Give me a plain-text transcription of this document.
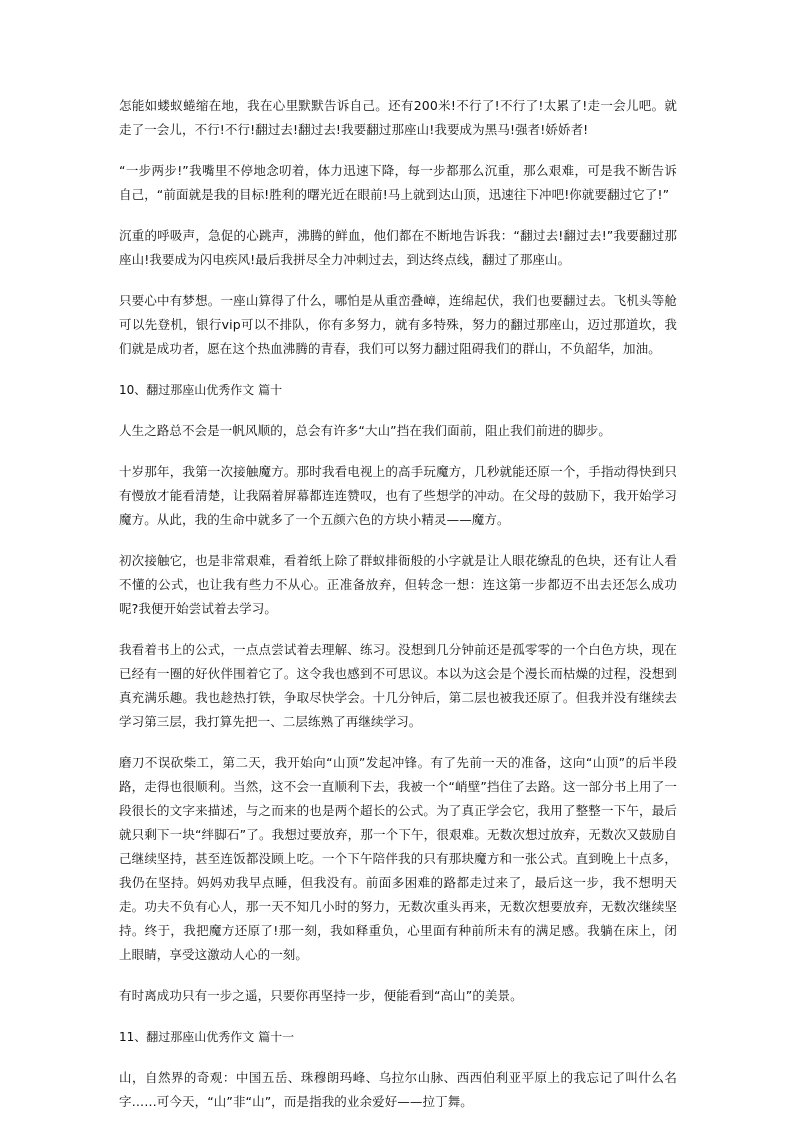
怎能如蝼蚁蜷缩在地，我在心里默默告诉自己。还有200米!不行了!不行了!太累了!走一会儿吧。就走了一会儿，不行!不行!翻过去!翻过去!我要翻过那座山!我要成为黑马!强者!娇娇者!

“一步两步!”我嘴里不停地念叨着，体力迅速下降，每一步都那么沉重，那么艰难，可是我不断告诉自己，“前面就是我的目标!胜利的曙光近在眼前!马上就到达山顶，迅速往下冲吧!你就要翻过它了!”

沉重的呼吸声，急促的心跳声，沸腾的鲜血，他们都在不断地告诉我：“翻过去!翻过去!”我要翻过那座山!我要成为闪电疾风!最后我拼尽全力冲刺过去，到达终点线，翻过了那座山。

只要心中有梦想。一座山算得了什么，哪怕是从重峦叠嶂，连绵起伏，我们也要翻过去。飞机头等舱可以先登机，银行vip可以不排队，你有多努力，就有多特殊，努力的翻过那座山，迈过那道坎，我们就是成功者，愿在这个热血沸腾的青春，我们可以努力翻过阻碍我们的群山，不负韶华，加油。

10、翻过那座山优秀作文 篇十

人生之路总不会是一帆风顺的，总会有许多“大山”挡在我们面前，阻止我们前进的脚步。

十岁那年，我第一次接触魔方。那时我看电视上的高手玩魔方，几秒就能还原一个，手指动得快到只有慢放才能看清楚，让我隔着屏幕都连连赞叹，也有了些想学的冲动。在父母的鼓励下，我开始学习魔方。从此，我的生命中就多了一个五颜六色的方块小精灵——魔方。

初次接触它，也是非常艰难，看着纸上除了群蚁排衙般的小字就是让人眼花缭乱的色块，还有让人看不懂的公式，也让我有些力不从心。正准备放弃，但转念一想：连这第一步都迈不出去还怎么成功呢?我便开始尝试着去学习。

我看着书上的公式，一点点尝试着去理解、练习。没想到几分钟前还是孤零零的一个白色方块，现在已经有一圈的好伙伴围着它了。这令我也感到不可思议。本以为这会是个漫长而枯燥的过程，没想到真充满乐趣。我也趁热打铁，争取尽快学会。十几分钟后，第二层也被我还原了。但我并没有继续去学习第三层，我打算先把一、二层练熟了再继续学习。

磨刀不误砍柴工，第二天，我开始向“山顶”发起冲锋。有了先前一天的准备，这向“山顶”的后半段路，走得也很顺利。当然，这不会一直顺利下去，我被一个“峭壁”挡住了去路。这一部分书上用了一段很长的文字来描述，与之而来的也是两个超长的公式。为了真正学会它，我用了整整一下午，最后就只剩下一块“绊脚石”了。我想过要放弃，那一个下午，很艰难。无数次想过放弃，无数次又鼓励自己继续坚持，甚至连饭都没顾上吃。一个下午陪伴我的只有那块魔方和一张公式。直到晚上十点多，我仍在坚持。妈妈劝我早点睡，但我没有。前面多困难的路都走过来了，最后这一步，我不想明天走。功夫不负有心人，那一天不知几小时的努力，无数次重头再来，无数次想要放弃，无数次继续坚持。终于，我把魔方还原了!那一刻，我如释重负，心里面有种前所未有的满足感。我躺在床上，闭上眼睛，享受这激动人心的一刻。

有时离成功只有一步之遥，只要你再坚持一步，便能看到“高山”的美景。

11、翻过那座山优秀作文 篇十一

山，自然界的奇观：中国五岳、珠穆朗玛峰、乌拉尔山脉、西西伯利亚平原上的我忘记了叫什么名字……可今天，“山”非“山”，而是指我的业余爱好——拉丁舞。
